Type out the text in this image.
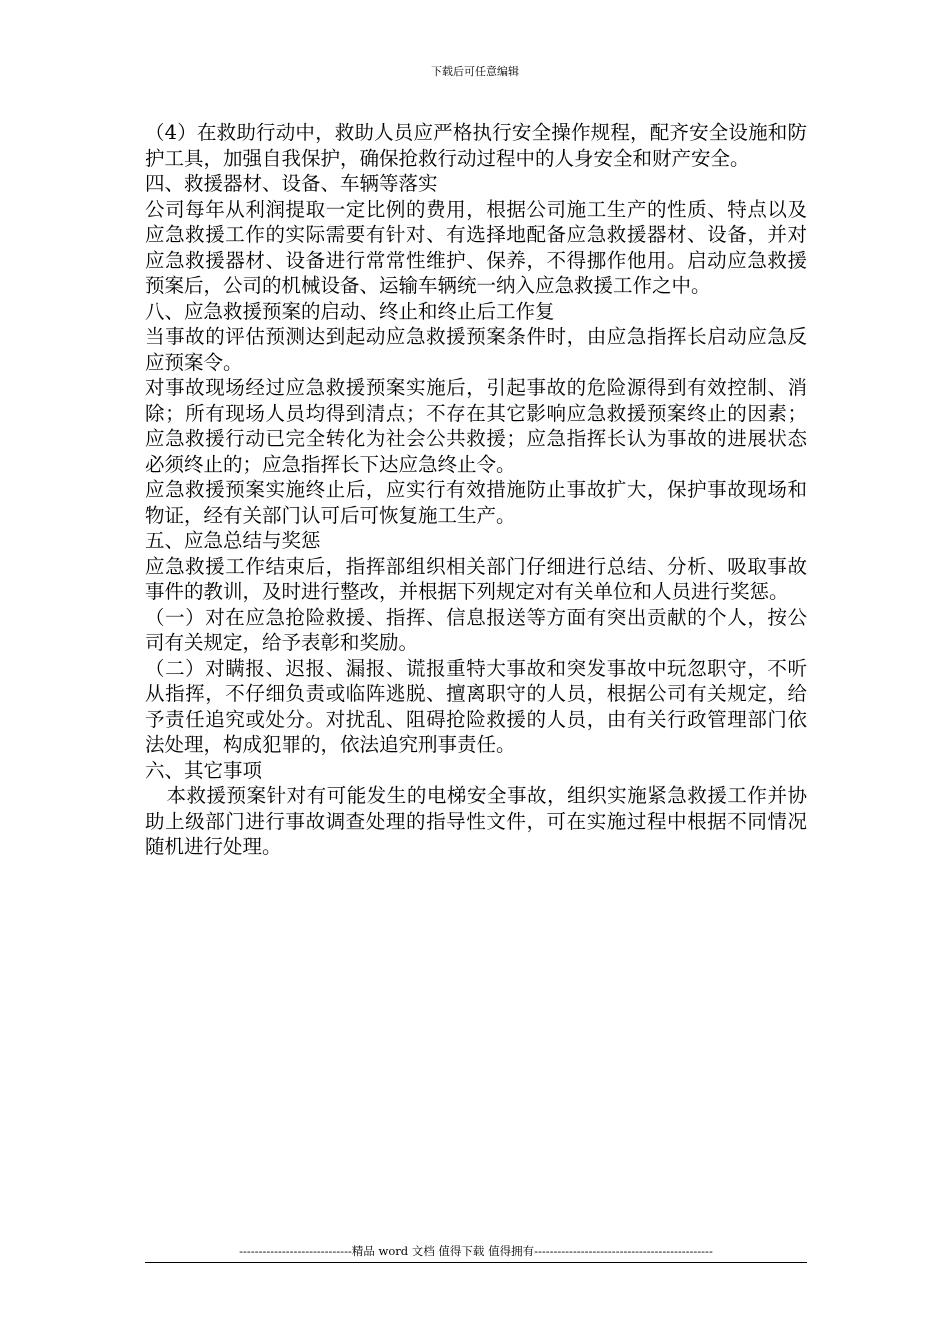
下载后可任意编辑

（4）在救助行动中，救助人员应严格执行安全操作规程，配齐安全设施和防护工具，加强自我保护，确保抢救行动过程中的人身安全和财产安全。

四、救援器材、设备、车辆等落实

公司每年从利润提取一定比例的费用，根据公司施工生产的性质、特点以及应急救援工作的实际需要有针对、有选择地配备应急救援器材、设备，并对应急救援器材、设备进行常常性维护、保养，不得挪作他用。启动应急救援预案后，公司的机械设备、运输车辆统一纳入应急救援工作之中。

八、应急救援预案的启动、终止和终止后工作复

当事故的评估预测达到起动应急救援预案条件时，由应急指挥长启动应急反应预案令。

对事故现场经过应急救援预案实施后，引起事故的危险源得到有效控制、消除；所有现场人员均得到清点；不存在其它影响应急救援预案终止的因素；应急救援行动已完全转化为社会公共救援；应急指挥长认为事故的进展状态必须终止的；应急指挥长下达应急终止令。

应急救援预案实施终止后，应实行有效措施防止事故扩大，保护事故现场和物证，经有关部门认可后可恢复施工生产。

五、应急总结与奖惩

应急救援工作结束后，指挥部组织相关部门仔细进行总结、分析、吸取事故事件的教训，及时进行整改，并根据下列规定对有关单位和人员进行奖惩。

（一）对在应急抢险救援、指挥、信息报送等方面有突出贡献的个人，按公司有关规定，给予表彰和奖励。

（二）对瞒报、迟报、漏报、谎报重特大事故和突发事故中玩忽职守，不听从指挥，不仔细负责或临阵逃脱、擅离职守的人员，根据公司有关规定，给予责任追究或处分。对扰乱、阻碍抢险救援的人员，由有关行政管理部门依法处理，构成犯罪的，依法追究刑事责任。

六、其它事项

本救援预案针对有可能发生的电梯安全事故，组织实施紧急救援工作并协助上级部门进行事故调查处理的指导性文件，可在实施过程中根据不同情况随机进行处理。

-----------------------------精品 word 文档 值得下载 值得拥有----------------------------------------------
